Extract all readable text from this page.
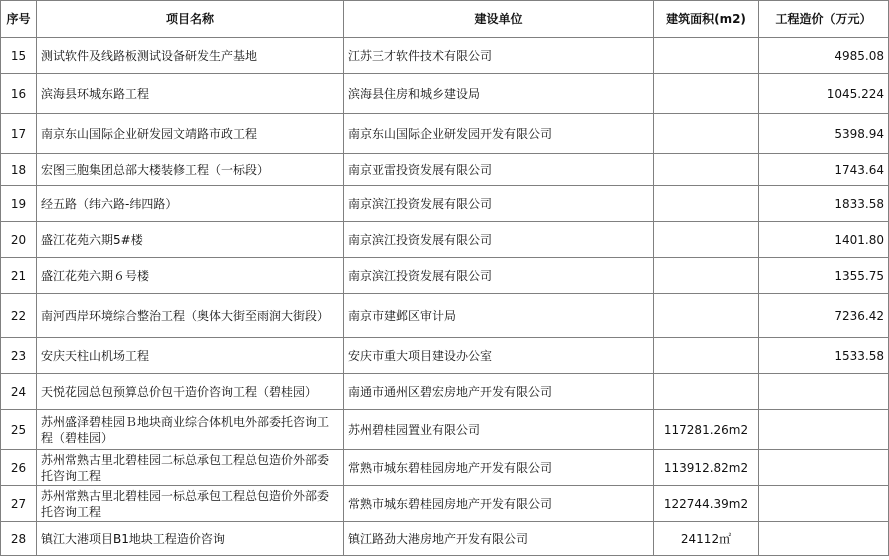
序号	项目名称	建设单位	建筑面积(m2)	工程造价（万元）
15	测试软件及线路板测试设备研发生产基地	江苏三才软件技术有限公司		4985.08
16	滨海县环城东路工程	滨海县住房和城乡建设局		1045.224
17	南京东山国际企业研发园文靖路市政工程	南京东山国际企业研发园开发有限公司		5398.94
18	宏图三胞集团总部大楼装修工程（一标段）	南京亚雷投资发展有限公司		1743.64
19	经五路（纬六路-纬四路）	南京滨江投资发展有限公司		1833.58
20	盛江花苑六期5#楼	南京滨江投资发展有限公司		1401.80
21	盛江花苑六期６号楼	南京滨江投资发展有限公司		1355.75
22	南河西岸环境综合整治工程（奥体大街至雨润大街段）	南京市建邺区审计局		7236.42
23	安庆天柱山机场工程	安庆市重大项目建设办公室		1533.58
24	天悦花园总包预算总价包干造价咨询工程（碧桂园）	南通市通州区碧宏房地产开发有限公司		
25	苏州盛泽碧桂园Ｂ地块商业综合体机电外部委托咨询工程（碧桂园）	苏州碧桂园置业有限公司	117281.26m2	
26	苏州常熟古里北碧桂园二标总承包工程总包造价外部委托咨询工程	常熟市城东碧桂园房地产开发有限公司	113912.82m2	
27	苏州常熟古里北碧桂园一标总承包工程总包造价外部委托咨询工程	常熟市城东碧桂园房地产开发有限公司	122744.39m2	
28	镇江大港项目B1地块工程造价咨询	镇江路劲大港房地产开发有限公司	24112㎡	
